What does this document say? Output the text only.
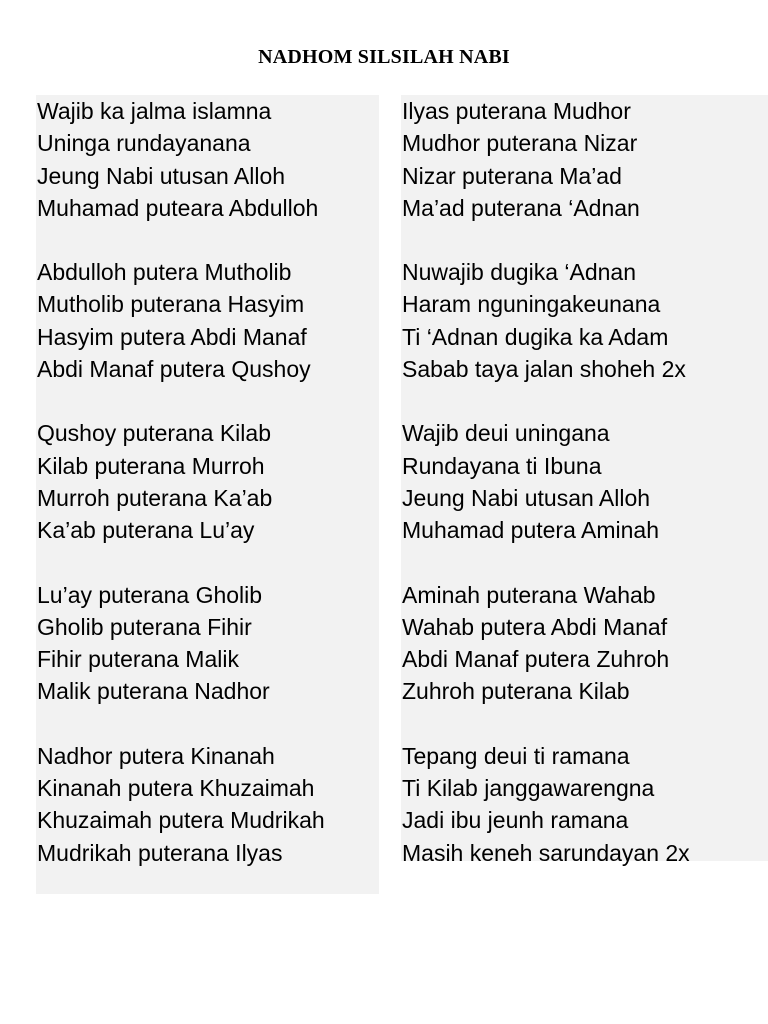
NADHOM SILSILAH NABI
Wajib ka jalma islamna
Uninga rundayanana
Jeung Nabi utusan Alloh
Muhamad puteara Abdulloh
Abdulloh putera Mutholib
Mutholib puterana Hasyim
Hasyim putera Abdi Manaf
Abdi Manaf putera Qushoy
Qushoy puterana Kilab
Kilab puterana Murroh
Murroh puterana Ka’ab
Ka’ab puterana Lu’ay
Lu’ay puterana Gholib
Gholib puterana Fihir
Fihir puterana Malik
Malik puterana Nadhor
Nadhor putera Kinanah
Kinanah putera Khuzaimah
Khuzaimah putera Mudrikah
Mudrikah puterana Ilyas
Ilyas puterana Mudhor
Mudhor puterana Nizar
Nizar puterana Ma’ad
Ma’ad puterana ‘Adnan
Nuwajib dugika ‘Adnan
Haram nguningakeunana
Ti ‘Adnan dugika ka Adam
Sabab taya jalan shoheh 2x
Wajib deui uningana
Rundayana ti Ibuna
Jeung Nabi utusan Alloh
Muhamad putera Aminah
Aminah puterana Wahab
Wahab putera Abdi Manaf
Abdi Manaf putera Zuhroh
Zuhroh puterana Kilab
Tepang deui ti ramana
Ti Kilab janggawarengna
Jadi ibu jeunh ramana
Masih keneh sarundayan 2x
